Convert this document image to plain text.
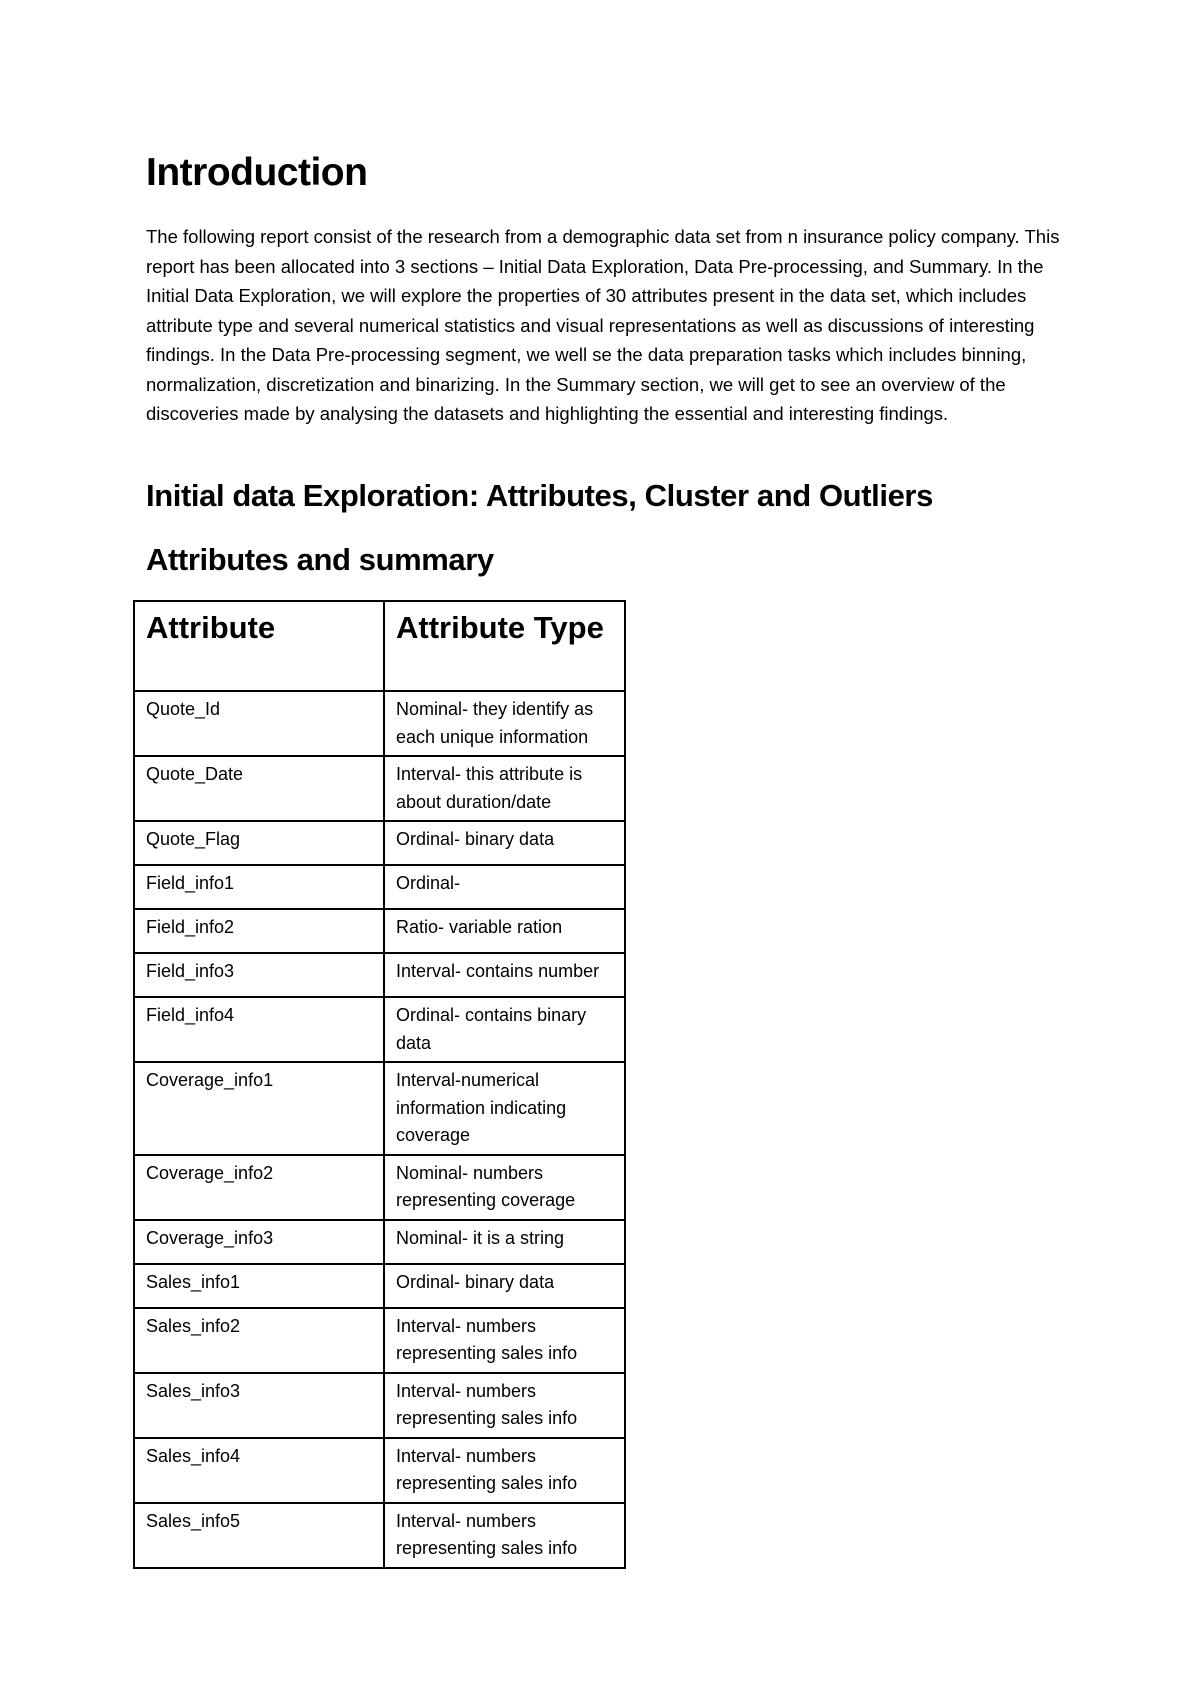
Introduction

The following report consist of the research from a demographic data set from n insurance policy company. This report has been allocated into 3 sections – Initial Data Exploration, Data Pre-processing, and Summary. In the Initial Data Exploration, we will explore the properties of 30 attributes present in the data set, which includes attribute type and several numerical statistics and visual representations as well as discussions of interesting findings. In the Data Pre-processing segment, we well se the data preparation tasks which includes binning, normalization, discretization and binarizing. In the Summary section, we will get to see an overview of the discoveries made by analysing the datasets and highlighting the essential and interesting findings.

Initial data Exploration: Attributes, Cluster and Outliers
Attributes and summary
Attribute	Attribute Type
Quote_Id	Nominal- they identify as each unique information
Quote_Date	Interval- this attribute is about duration/date
Quote_Flag	Ordinal- binary data
Field_info1	Ordinal-
Field_info2	Ratio- variable ration
Field_info3	Interval- contains number
Field_info4	Ordinal- contains binary data
Coverage_info1	Interval-numerical information indicating coverage
Coverage_info2	Nominal- numbers representing coverage
Coverage_info3	Nominal- it is a string
Sales_info1	Ordinal- binary data
Sales_info2	Interval- numbers representing sales info
Sales_info3	Interval- numbers representing sales info
Sales_info4	Interval- numbers representing sales info
Sales_info5	Interval- numbers representing sales info
